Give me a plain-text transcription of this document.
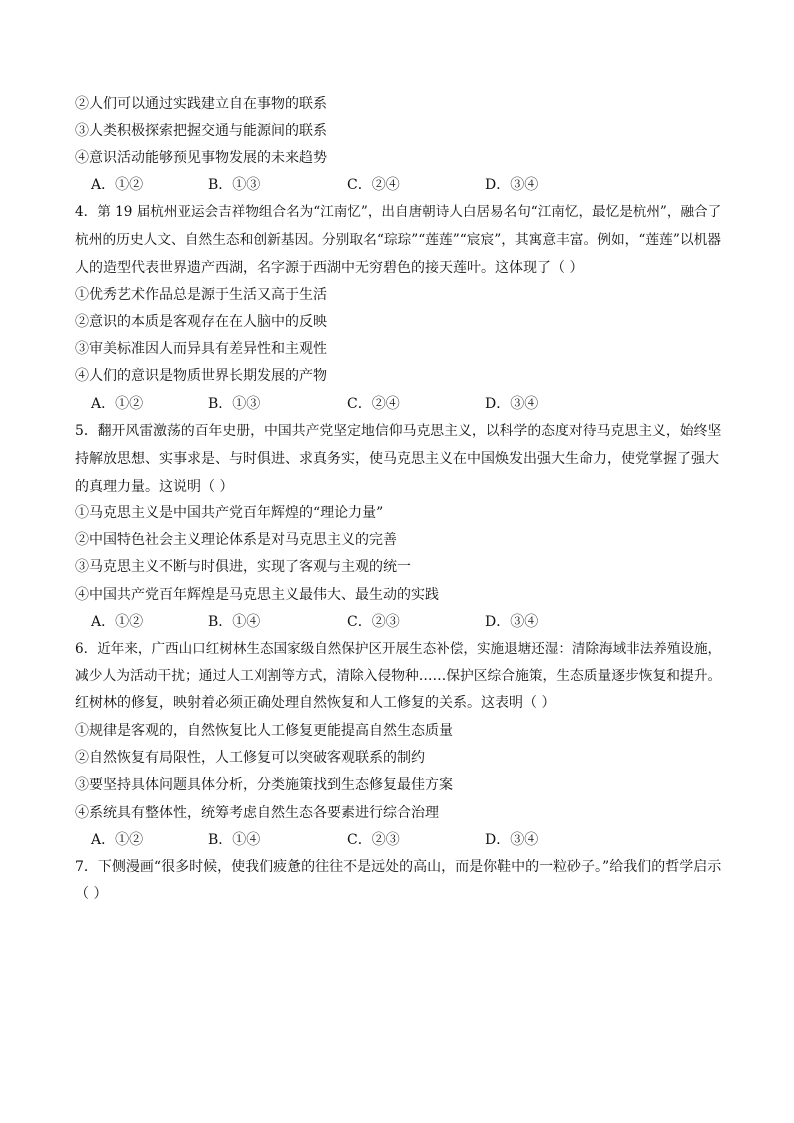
②人们可以通过实践建立自在事物的联系
③人类积极探索把握交通与能源间的联系
④意识活动能够预见事物发展的未来趋势
A．①②	B．①③	C．②④	D．③④
4．第 19 届杭州亚运会吉祥物组合名为“江南忆”，出自唐朝诗人白居易名句“江南忆，最忆是杭州”，融合了
杭州的历史人文、自然生态和创新基因。分别取名“琮琮”“莲莲”“宸宸”，其寓意丰富。例如，“莲莲”以机器
人的造型代表世界遗产西湖，名字源于西湖中无穷碧色的接天莲叶。这体现了（ ）
①优秀艺术作品总是源于生活又高于生活
②意识的本质是客观存在在人脑中的反映
③审美标准因人而异具有差异性和主观性
④人们的意识是物质世界长期发展的产物
A．①②	B．①③	C．②④	D．③④
5．翻开风雷激荡的百年史册，中国共产党坚定地信仰马克思主义，以科学的态度对待马克思主义，始终坚
持解放思想、实事求是、与时俱进、求真务实，使马克思主义在中国焕发出强大生命力，使党掌握了强大
的真理力量。这说明（ ）
①马克思主义是中国共产党百年辉煌的“理论力量”
②中国特色社会主义理论体系是对马克思主义的完善
③马克思主义不断与时俱进，实现了客观与主观的统一
④中国共产党百年辉煌是马克思主义最伟大、最生动的实践
A．①②	B．①④	C．②③	D．③④
6．近年来，广西山口红树林生态国家级自然保护区开展生态补偿，实施退塘还湿：清除海域非法养殖设施，
减少人为活动干扰；通过人工刈割等方式，清除入侵物种……保护区综合施策，生态质量逐步恢复和提升。
红树林的修复，映射着必须正确处理自然恢复和人工修复的关系。这表明（ ）
①规律是客观的，自然恢复比人工修复更能提高自然生态质量
②自然恢复有局限性，人工修复可以突破客观联系的制约
③要坚持具体问题具体分析，分类施策找到生态修复最佳方案
④系统具有整体性，统筹考虑自然生态各要素进行综合治理
A．①②	B．①④	C．②③	D．③④
7．下侧漫画“很多时候，使我们疲惫的往往不是远处的高山，而是你鞋中的一粒砂子。”给我们的哲学启示
（ ）
